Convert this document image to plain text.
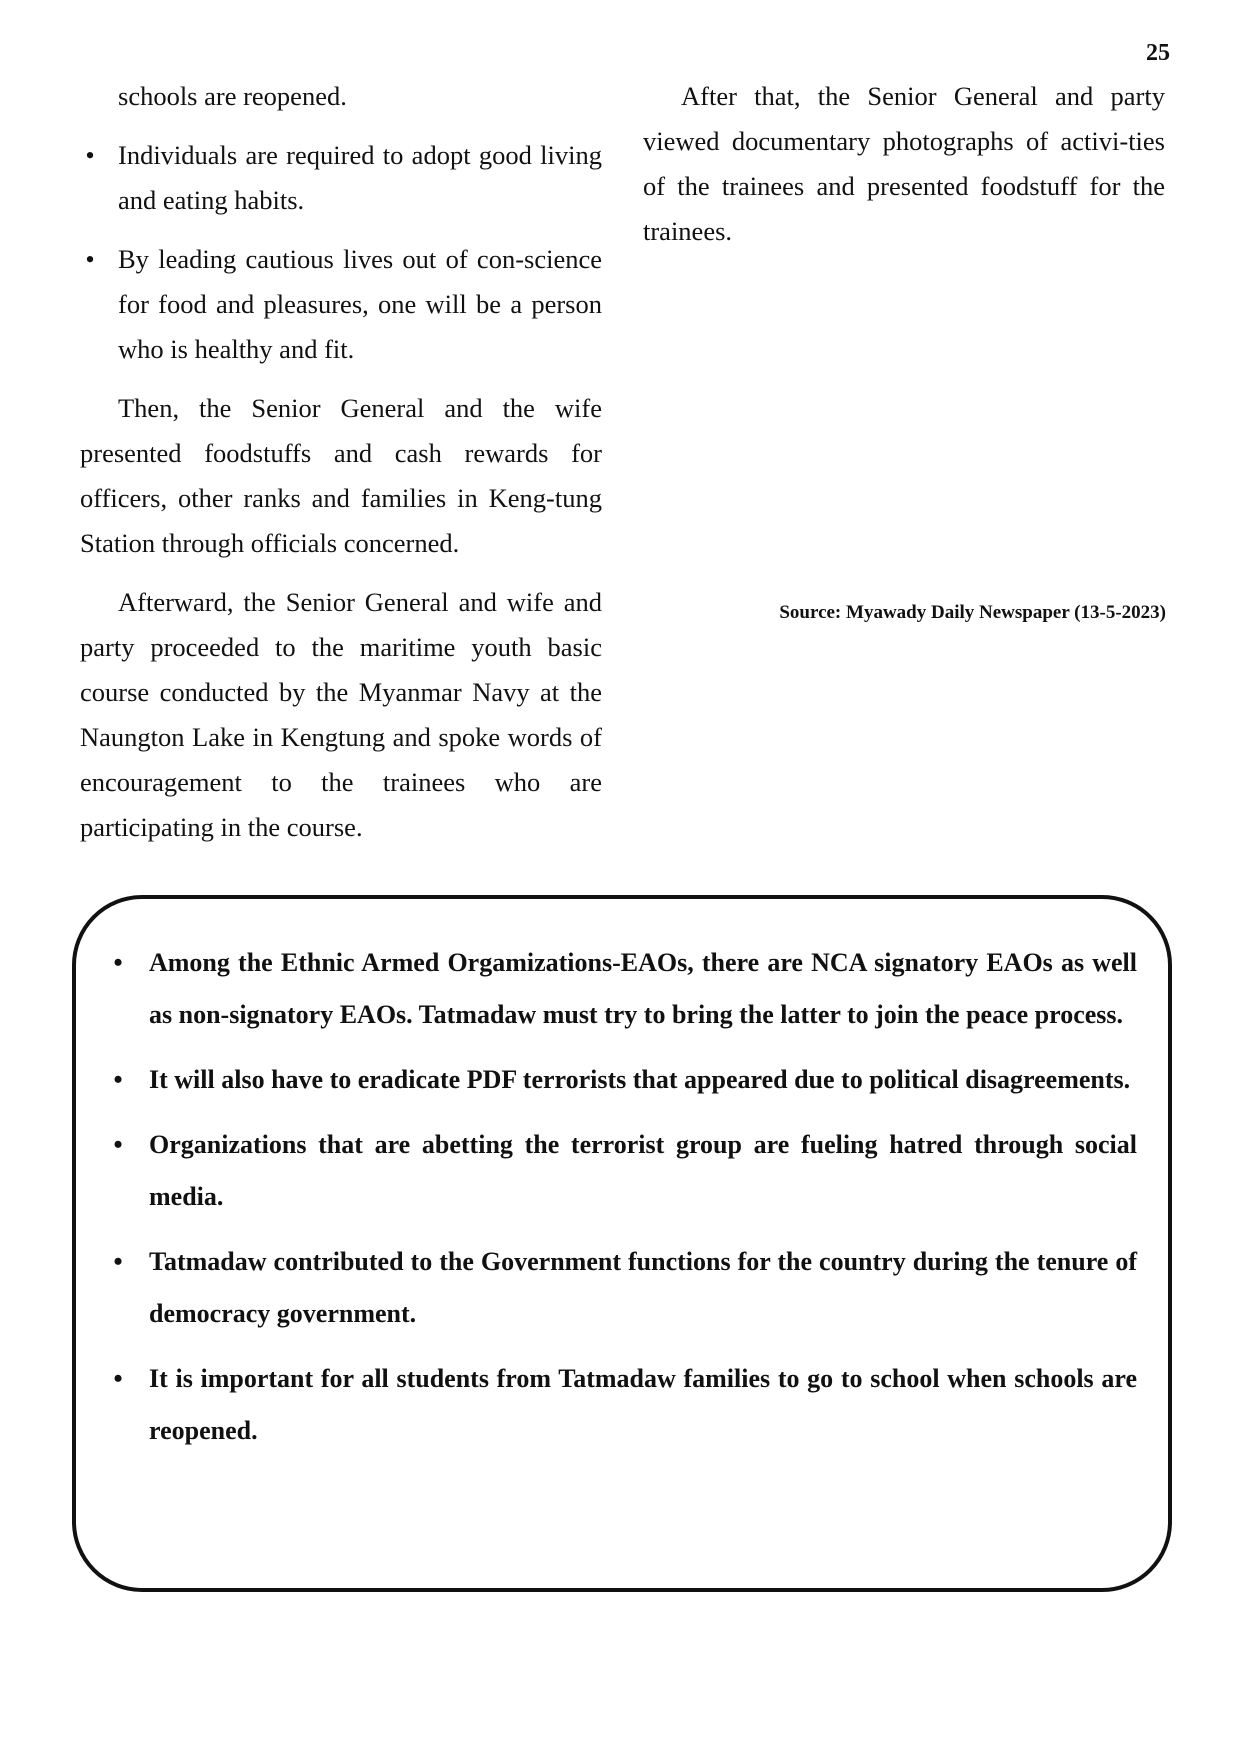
25

schools are reopened.

• Individuals are required to adopt good living and eating habits.
• By leading cautious lives out of con-science for food and pleasures, one will be a person who is healthy and fit.

Then, the Senior General and the wife presented foodstuffs and cash rewards for officers, other ranks and families in Keng-tung Station through officials concerned.

Afterward, the Senior General and wife and party proceeded to the maritime youth basic course conducted by the Myanmar Navy at the Naungton Lake in Kengtung and spoke words of encouragement to the trainees who are participating in the course.

After that, the Senior General and party viewed documentary photographs of activi-ties of the trainees and presented foodstuff for the trainees.

Source: Myawady Daily Newspaper (13-5-2023)
• Among the Ethnic Armed Orgamizations-EAOs, there are NCA signatory EAOs as well as non-signatory EAOs. Tatmadaw must try to bring the latter to join the peace process.
• It will also have to eradicate PDF terrorists that appeared due to political disagreements.
• Organizations that are abetting the terrorist group are fueling hatred through social media.
• Tatmadaw contributed to the Government functions for the country during the tenure of democracy government.
• It is important for all students from Tatmadaw families to go to school when schools are reopened.
